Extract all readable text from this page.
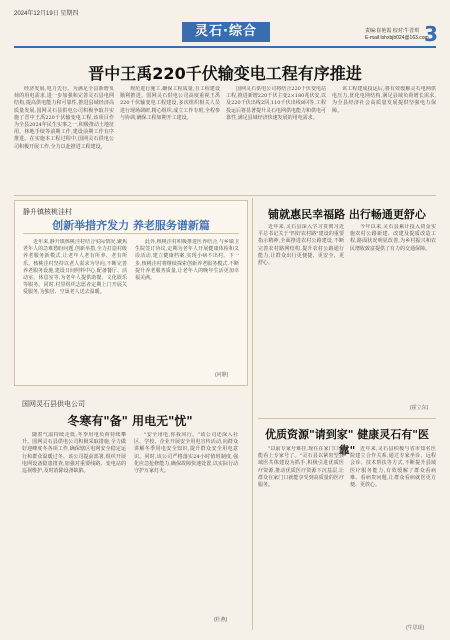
2024年12月19日 星期四
灵石·综合	责编:崔艳霞 校对:牛晋琪
E-mail:lshxbjb024@163.com
3
晋中王禹220千伏输变电工程有序推进

经济发展,电力先行。为满足全县新增负荷的用电需求,进一步加强和完善灵石县电网结构,提高供电能力和可靠性,推进县域经济高质量发展,国网灵石县供电公司积极争取并实施了晋中王禹220千伏输变电工程,该项目作为全县2024年民生实事之一,积极推动土地征用、林地手续等前期工作,建设前期工作有序推进。在实施本工程过程中,国网灵石供电公司积极开展工作,全力以赴推进工程建设。

规范进行施工,确保工程质量,且工程建设顺利推进。国网灵石供电公司高度重视王禹220千伏输变电工程建设,多次组织相关人员进行现场调研,精心组织,成立工作专班,全程参与协调,确保工程如期开工建设。

国网灵石供电公司将结合220千伏变电站工程,推进新增220千伏主变2×180兆伏安,以及220千伏出线2回,110千伏出线8回等,工程投运后将显著提升灵石电网供电能力和供电可靠性,满足县域经济快速发展的用电需求。

该工程建成投运后,将有效缓解灵石电网供电压力,优化电网结构,满足县域负荷增长需求,为全县经济社会高质量发展提供坚强电力保障。

静升镇核桃洼村
创新举措齐发力 养老服务谱新篇

近年来,静升镇核桃洼村结合实际情况,聚焦老年人的急难愁盼问题,创新举措,全力打造村级养老服务新模式,让老年人老有所养、老有所乐。核桃洼村坚持以老人需求为导向,不断完善养老服务设施,建设日间照料中心,配备餐厅、活动室、休息室等,为老年人提供助餐、文化娱乐等服务。同时,村里组织志愿者定期上门开展关爱服务,为独居、空巢老人送去温暖。

此外,核桃洼村积极推进医养结合,与乡镇卫生院签订协议,定期为老年人开展健康体检和义诊活动,建立健康档案,实现小病不出村。下一步,核桃洼村将继续探索创新养老服务模式,不断提升养老服务质量,让老年人的晚年生活更加幸福美满。

(问静)
国网灵石县供电公司
冬寒有"备" 用电无"忧"

随着气温持续走低,冬季用电负荷持续攀升。国网灵石县供电公司积极采取措施,全力做好迎峰度冬各项工作,确保辖区电网安全稳定运行和群众温暖过冬。该公司提前部署,组织开展电网设备隐患排查,加强对重要线路、变电站的巡视维护,及时消除设备缺陷。

"安全用电,你我同行。"该公司还深入社区、学校、企业开展安全用电宣传活动,向群众讲解冬季用电安全知识,提升群众安全用电意识。同时,该公司严格落实24小时值班制度,强化应急抢修能力,确保故障快速处置,以实际行动守护万家灯火。

(杜燕)
铺就惠民幸福路 出行畅通更舒心

近年来,灵石县深入学习贯彻习近平总书记关于"四好农村路"建设的重要指示精神,全面推进农村公路建设,不断完善农村路网结构,提升农村公路通行能力,让群众出行更便捷、更安全、更舒心。

今年以来,灵石县累计投入资金实施农村公路新建、改建及提质改造工程,路面状况明显改善,为乡村振兴和农民增收致富提供了有力的交通保障。

(霍立东)
优质资源"请到家" 健康灵石有"医靠"

"以前专家号难挂,现在在家门口就能看上专家号了。"灵石县以紧密型县域医共体建设为抓手,积极引进优质医疗资源,推动优质医疗资源下沉基层,让群众在家门口就能享受到高质量的医疗服务。

近年来,灵石县积极与省市知名医院建立合作关系,通过专家坐诊、远程会诊、技术帮扶等方式,不断提升县域医疗服务能力,有效缓解了群众看病难、看病贵问题,让群众看病就医更方便、更放心。

(牛思瑶)
